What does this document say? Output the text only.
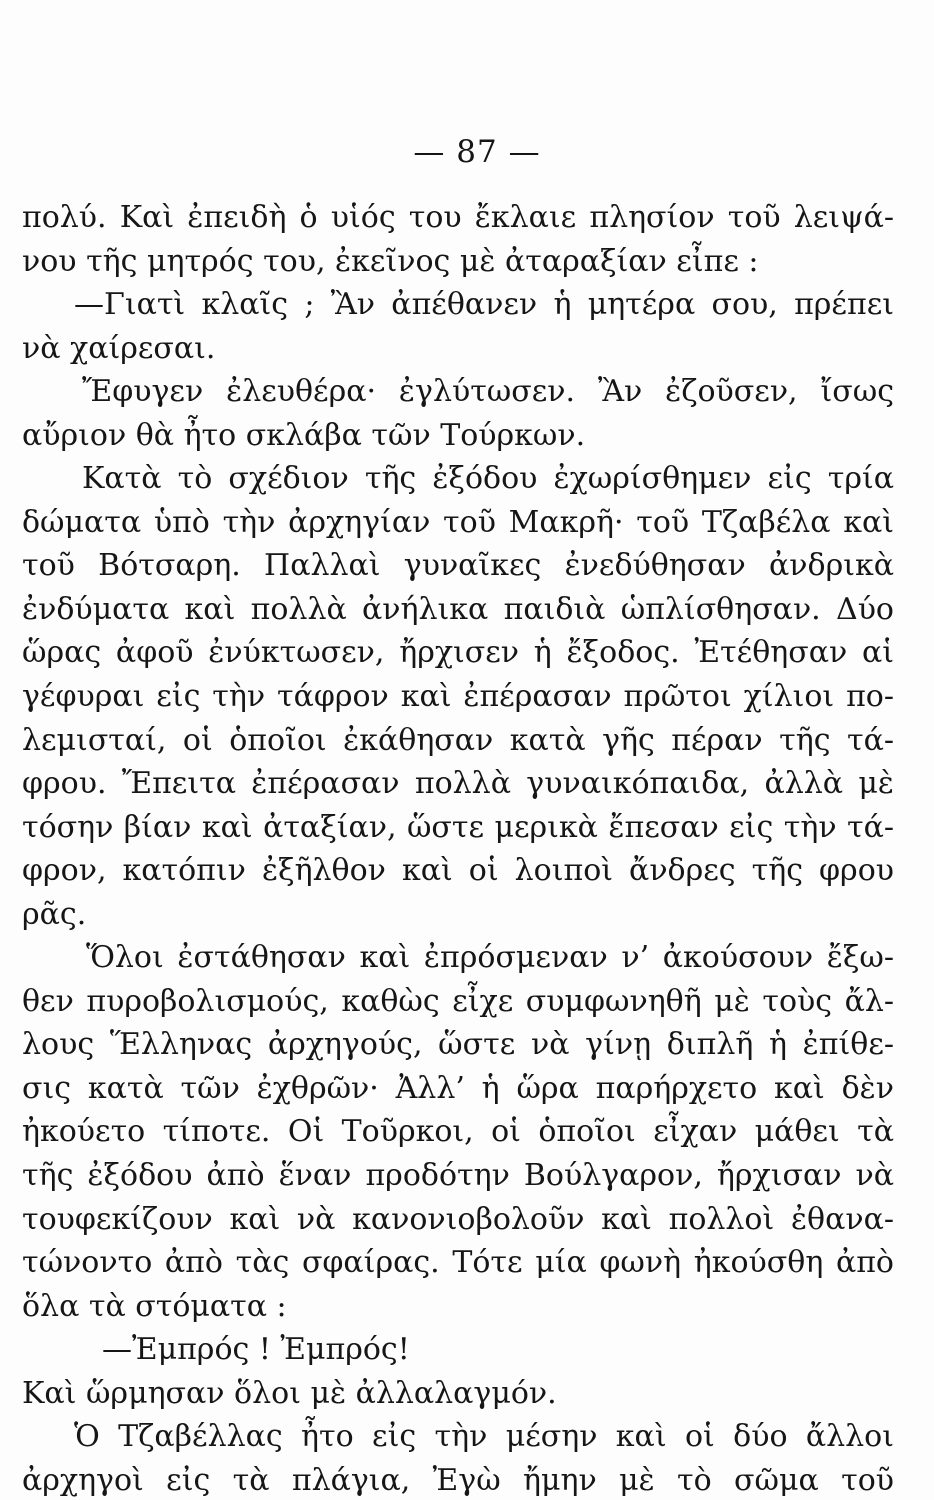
— 87 —
πολύ. Καὶ ἐπειδὴ ὁ υἱός του ἔκλαιε πλησίον τοῦ λειψά-
νου τῆς μητρός του, ἐκεῖνος μὲ ἀταραξίαν εἶπε :
—Γιατὶ κλαῖς ; Ἂν ἀπέθανεν ἡ μητέρα σου, πρέπει
νὰ χαίρεσαι.
Ἔφυγεν ἐλευθέρα· ἐγλύτωσεν. Ἂν ἐζοῦσεν, ἴσως
αὔριον θὰ ἦτο σκλάβα τῶν Τούρκων.
Κατὰ τὸ σχέδιον τῆς ἐξόδου ἐχωρίσθημεν εἰς τρία
δώματα ὑπὸ τὴν ἀρχηγίαν τοῦ Μακρῆ· τοῦ Τζαβέλα καὶ
τοῦ Βότσαρη. Παλλαὶ γυναῖκες ἐνεδύθησαν ἀνδρικὰ
ἐνδύματα καὶ πολλὰ ἀνήλικα παιδιὰ ὡπλίσθησαν. Δύο
ὥρας ἀφοῦ ἐνύκτωσεν, ἤρχισεν ἡ ἔξοδος. Ἐτέθησαν αἱ
γέφυραι εἰς τὴν τάφρον καὶ ἐπέρασαν πρῶτοι χίλιοι πο-
λεμισταί, οἱ ὁποῖοι ἐκάθησαν κατὰ γῆς πέραν τῆς τά-
φρου. Ἔπειτα ἐπέρασαν πολλὰ γυναικόπαιδα, ἀλλὰ μὲ
τόσην βίαν καὶ ἀταξίαν, ὥστε μερικὰ ἔπεσαν εἰς τὴν τά-
φρον, κατόπιν ἐξῆλθον καὶ οἱ λοιποὶ ἄνδρες τῆς φρου
ρᾶς.
Ὅλοι ἐστάθησαν καὶ ἐπρόσμεναν ν’ ἀκούσουν ἔξω-
θεν πυροβολισμούς, καθὼς εἶχε συμφωνηθῆ μὲ τοὺς ἄλ-
λους Ἕλληνας ἀρχηγούς, ὥστε νὰ γίνῃ διπλῆ ἡ ἐπίθε-
σις κατὰ τῶν ἐχθρῶν· Ἀλλ’ ἡ ὥρα παρήρχετο καὶ δὲν
ἠκούετο τίποτε. Οἱ Τοῦρκοι, οἱ ὁποῖοι εἶχαν μάθει τὰ
τῆς ἐξόδου ἀπὸ ἕναν προδότην Βούλγαρον, ἤρχισαν νὰ
τουφεκίζουν καὶ νὰ κανονιοβολοῦν καὶ πολλοὶ ἐθανα-
τώνοντο ἀπὸ τὰς σφαίρας. Τότε μία φωνὴ ἠκούσθη ἀπὸ
ὅλα τὰ στόματα :
—Ἐμπρός ! Ἐμπρός!
Καὶ ὥρμησαν ὅλοι μὲ ἀλλαλαγμόν.
Ὁ Τζαβέλλας ἦτο εἰς τὴν μέσην καὶ οἱ δύο ἄλλοι
ἀρχηγοὶ εἰς τὰ πλάγια, Ἐγὼ ἤμην μὲ τὸ σῶμα τοῦ
